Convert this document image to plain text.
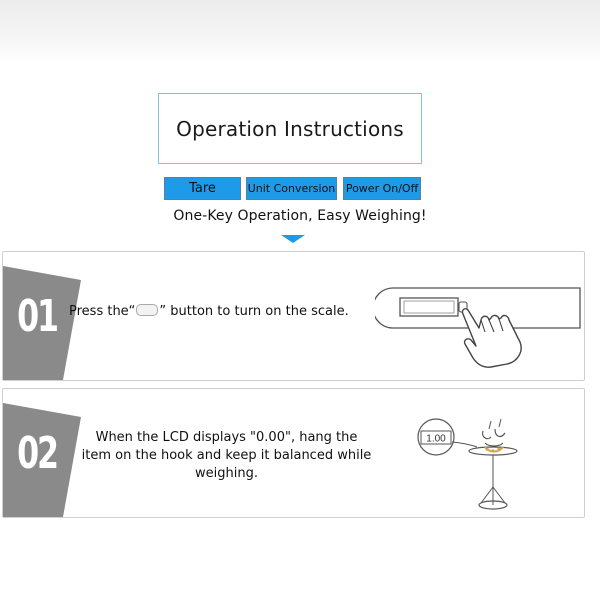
Operation Instructions
Tare	Unit Conversion Power On/Off
One-Key Operation, Easy Weighing!
01 Press the“ ” button to turn on the scale.
02	When the LCD displays "0.00", hang the item on the hook and keep it balanced while weighing.
1.00
